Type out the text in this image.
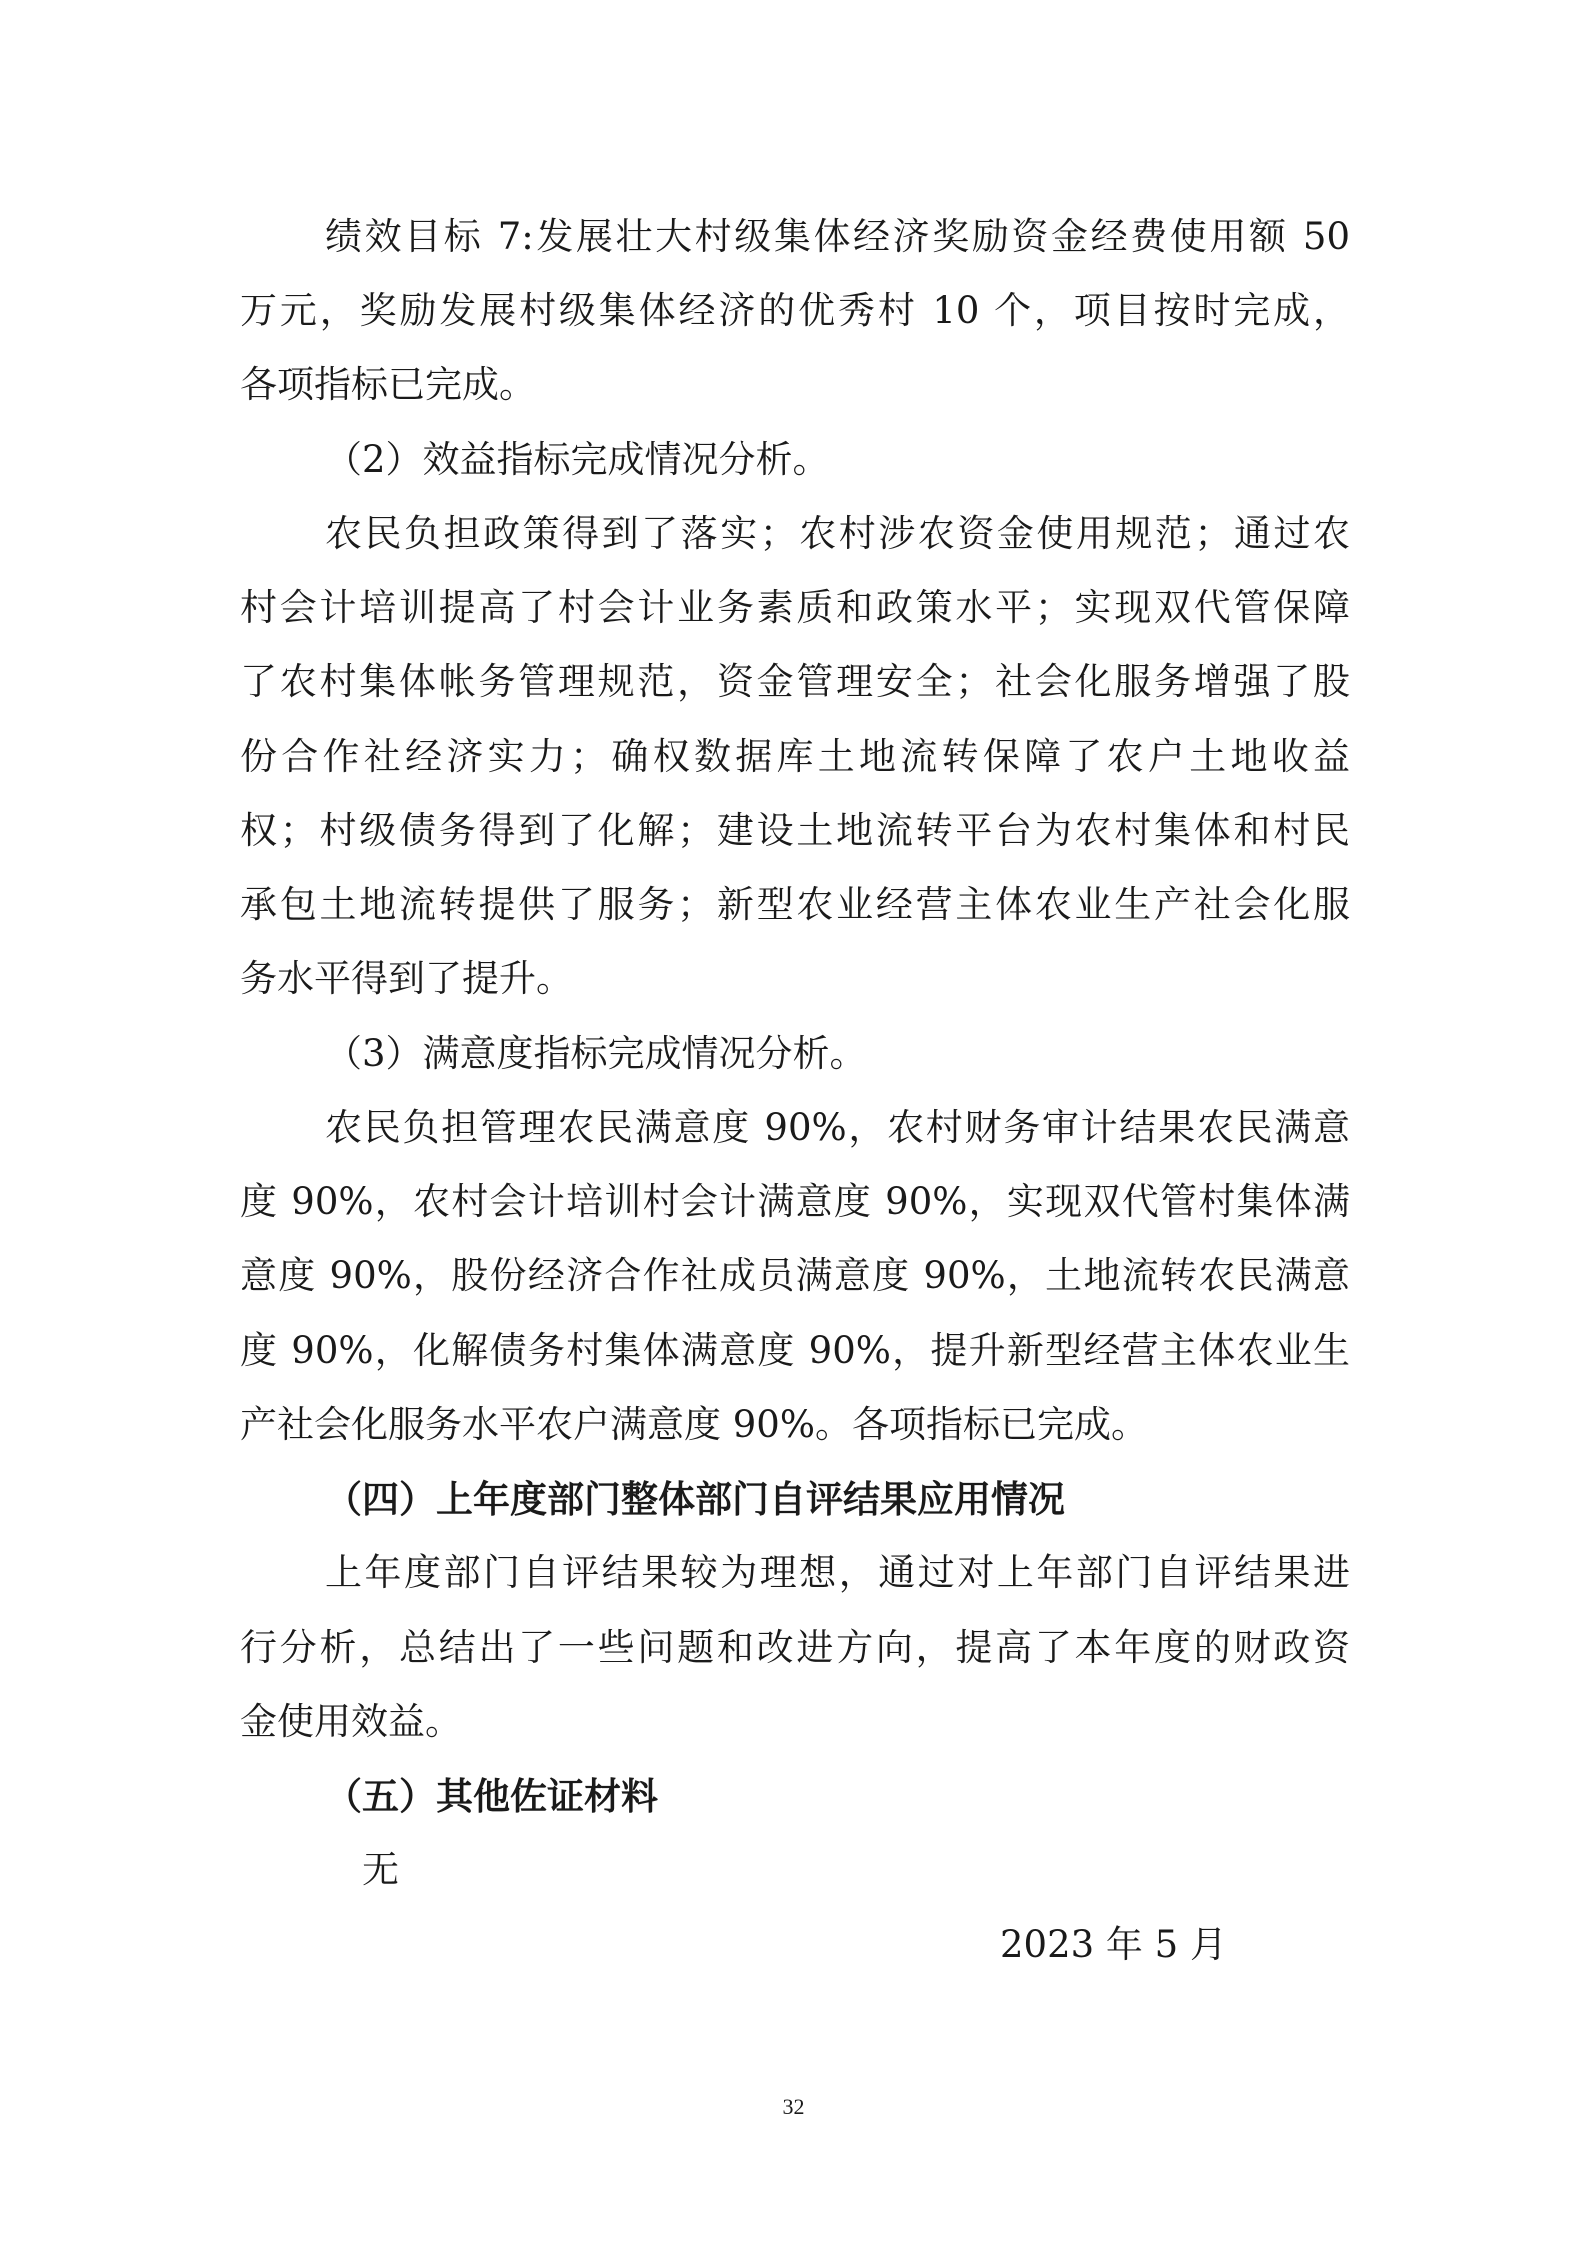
绩效目标 7:发展壮大村级集体经济奖励资金经费使用额 50
万元，奖励发展村级集体经济的优秀村 10 个，项目按时完成，
各项指标已完成。
（2）效益指标完成情况分析。
农民负担政策得到了落实；农村涉农资金使用规范；通过农
村会计培训提高了村会计业务素质和政策水平；实现双代管保障
了农村集体帐务管理规范，资金管理安全；社会化服务增强了股
份合作社经济实力；确权数据库土地流转保障了农户土地收益
权；村级债务得到了化解；建设土地流转平台为农村集体和村民
承包土地流转提供了服务；新型农业经营主体农业生产社会化服
务水平得到了提升。
（3）满意度指标完成情况分析。
农民负担管理农民满意度 90%，农村财务审计结果农民满意
度 90%，农村会计培训村会计满意度 90%，实现双代管村集体满
意度 90%，股份经济合作社成员满意度 90%，土地流转农民满意
度 90%，化解债务村集体满意度 90%，提升新型经营主体农业生
产社会化服务水平农户满意度 90%。各项指标已完成。
（四）上年度部门整体部门自评结果应用情况
上年度部门自评结果较为理想，通过对上年部门自评结果进
行分析，总结出了一些问题和改进方向，提高了本年度的财政资
金使用效益。
（五）其他佐证材料
无
2023 年 5 月
32
